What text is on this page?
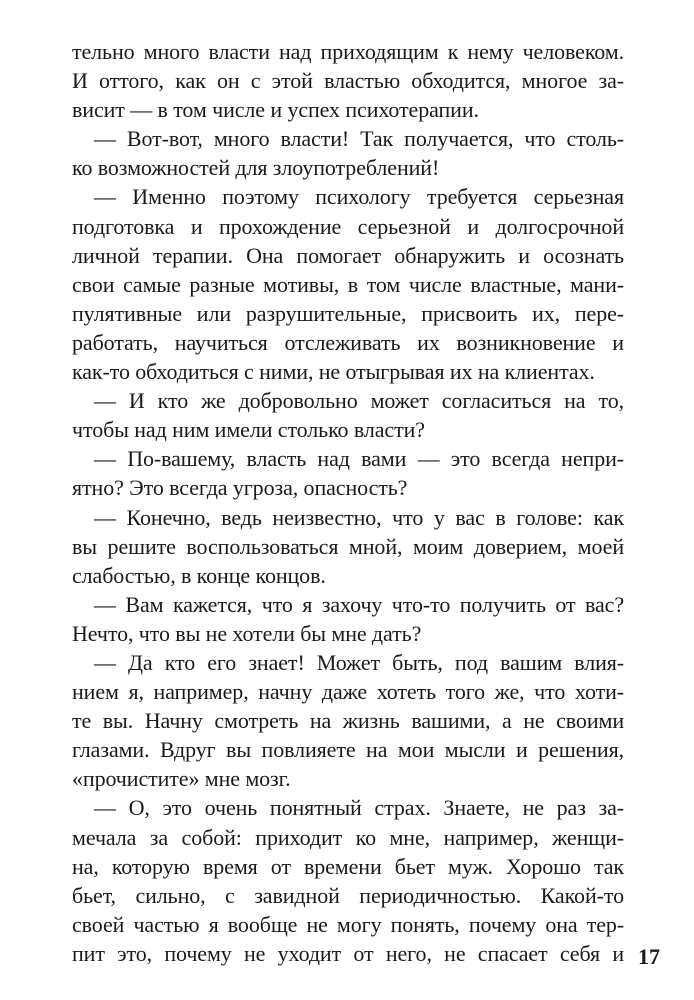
тельно много власти над приходящим к нему человеком.
И оттого, как он с этой властью обходится, многое за-
висит — в том числе и успех психотерапии.
— Вот-вот, много власти! Так получается, что столь-
ко возможностей для злоупотреблений!
— Именно поэтому психологу требуется серьезная
подготовка и прохождение серьезной и долгосрочной
личной терапии. Она помогает обнаружить и осознать
свои самые разные мотивы, в том числе властные, мани-
пулятивные или разрушительные, присвоить их, пере-
работать, научиться отслеживать их возникновение и
как-то обходиться с ними, не отыгрывая их на клиентах.
— И кто же добровольно может согласиться на то,
чтобы над ним имели столько власти?
— По-вашему, власть над вами — это всегда непри-
ятно? Это всегда угроза, опасность?
— Конечно, ведь неизвестно, что у вас в голове: как
вы решите воспользоваться мной, моим доверием, моей
слабостью, в конце концов.
— Вам кажется, что я захочу что-то получить от вас?
Нечто, что вы не хотели бы мне дать?
— Да кто его знает! Может быть, под вашим влия-
нием я, например, начну даже хотеть того же, что хоти-
те вы. Начну смотреть на жизнь вашими, а не своими
глазами. Вдруг вы повлияете на мои мысли и решения,
«прочистите» мне мозг.
— О, это очень понятный страх. Знаете, не раз за-
мечала за собой: приходит ко мне, например, женщи-
на, которую время от времени бьет муж. Хорошо так
бьет, сильно, с завидной периодичностью. Какой-то
своей частью я вообще не могу понять, почему она тер-
пит это, почему не уходит от него, не спасает себя и 17
